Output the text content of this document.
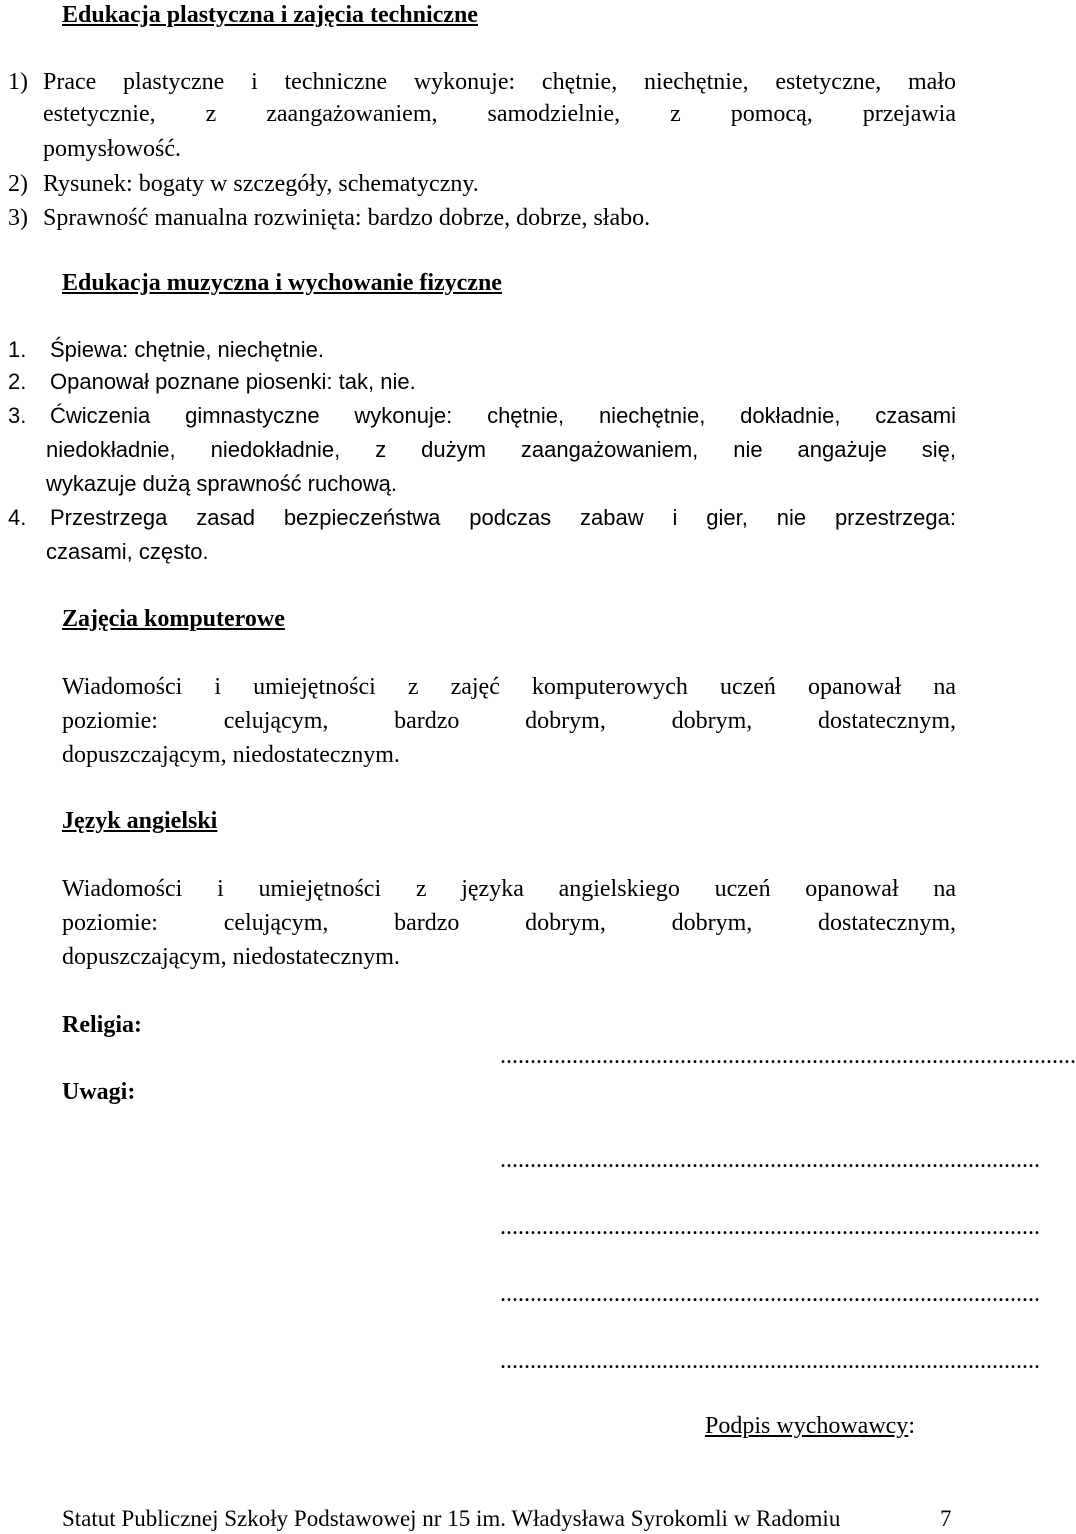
Edukacja plastyczna i zajęcia techniczne
1) Prace plastyczne i techniczne wykonuje: chętnie, niechętnie, estetyczne, mało
estetycznie, z zaangażowaniem, samodzielnie, z pomocą, przejawia
pomysłowość.
2) Rysunek: bogaty w szczegóły, schematyczny.
3) Sprawność manualna rozwinięta: bardzo dobrze, dobrze, słabo.
Edukacja muzyczna i wychowanie fizyczne
1. Śpiewa: chętnie, niechętnie.
2. Opanował poznane piosenki: tak, nie.
3. Ćwiczenia gimnastyczne wykonuje: chętnie, niechętnie, dokładnie, czasami
niedokładnie, niedokładnie, z dużym zaangażowaniem, nie angażuje się,
wykazuje dużą sprawność ruchową.
4. Przestrzega zasad bezpieczeństwa podczas zabaw i gier, nie przestrzega:
czasami, często.
Zajęcia komputerowe
Wiadomości i umiejętności z zajęć komputerowych uczeń opanował na
poziomie: celującym, bardzo dobrym, dobrym, dostatecznym,
dopuszczającym, niedostatecznym.
Język angielski
Wiadomości i umiejętności z języka angielskiego uczeń opanował na
poziomie: celującym, bardzo dobrym, dobrym, dostatecznym,
dopuszczającym, niedostatecznym.
Religia:
................................................................................................
Uwagi:
..........................................................................................
..........................................................................................
..........................................................................................
..........................................................................................
Podpis wychowawcy:
Statut Publicznej Szkoły Podstawowej nr 15 im. Władysława Syrokomli w Radomiu	7
